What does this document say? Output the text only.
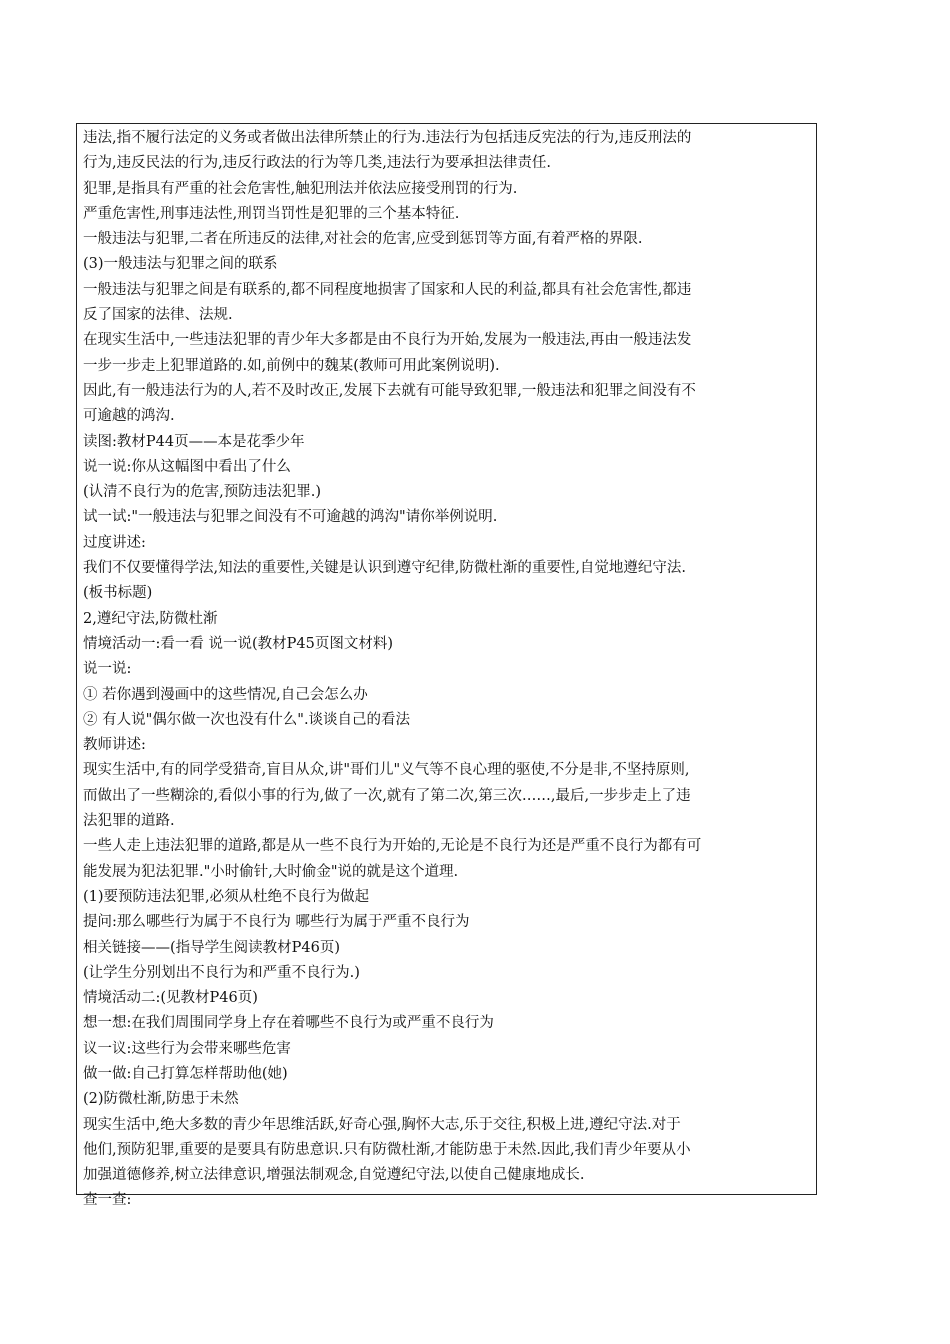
违法,指不履行法定的义务或者做出法律所禁止的行为.违法行为包括违反宪法的行为,违反刑法的
行为,违反民法的行为,违反行政法的行为等几类,违法行为要承担法律责任.
犯罪,是指具有严重的社会危害性,触犯刑法并依法应接受刑罚的行为.
严重危害性,刑事违法性,刑罚当罚性是犯罪的三个基本特征.
一般违法与犯罪,二者在所违反的法律,对社会的危害,应受到惩罚等方面,有着严格的界限.
(3)一般违法与犯罪之间的联系
一般违法与犯罪之间是有联系的,都不同程度地损害了国家和人民的利益,都具有社会危害性,都违
反了国家的法律、法规.
在现实生活中,一些违法犯罪的青少年大多都是由不良行为开始,发展为一般违法,再由一般违法发
一步一步走上犯罪道路的.如,前例中的魏某(教师可用此案例说明).
因此,有一般违法行为的人,若不及时改正,发展下去就有可能导致犯罪,一般违法和犯罪之间没有不
可逾越的鸿沟.
读图:教材P44页——本是花季少年
说一说:你从这幅图中看出了什么
(认清不良行为的危害,预防违法犯罪.)
试一试:"一般违法与犯罪之间没有不可逾越的鸿沟"请你举例说明.
过度讲述:
我们不仅要懂得学法,知法的重要性,关键是认识到遵守纪律,防微杜渐的重要性,自觉地遵纪守法.
(板书标题)
2,遵纪守法,防微杜渐
情境活动一:看一看 说一说(教材P45页图文材料)
说一说:
① 若你遇到漫画中的这些情况,自己会怎么办
② 有人说"偶尔做一次也没有什么".谈谈自己的看法
教师讲述:
现实生活中,有的同学受猎奇,盲目从众,讲"哥们儿"义气等不良心理的驱使,不分是非,不坚持原则,
而做出了一些糊涂的,看似小事的行为,做了一次,就有了第二次,第三次……,最后,一步步走上了违
法犯罪的道路.
一些人走上违法犯罪的道路,都是从一些不良行为开始的,无论是不良行为还是严重不良行为都有可
能发展为犯法犯罪."小时偷针,大时偷金"说的就是这个道理.
(1)要预防违法犯罪,必须从杜绝不良行为做起
提问:那么哪些行为属于不良行为 哪些行为属于严重不良行为
相关链接——(指导学生阅读教材P46页)
(让学生分别划出不良行为和严重不良行为.)
情境活动二:(见教材P46页)
想一想:在我们周围同学身上存在着哪些不良行为或严重不良行为
议一议:这些行为会带来哪些危害
做一做:自己打算怎样帮助他(她)
(2)防微杜渐,防患于未然
现实生活中,绝大多数的青少年思维活跃,好奇心强,胸怀大志,乐于交往,积极上进,遵纪守法.对于
他们,预防犯罪,重要的是要具有防患意识.只有防微杜渐,才能防患于未然.因此,我们青少年要从小
加强道德修养,树立法律意识,增强法制观念,自觉遵纪守法,以使自己健康地成长.
查一查:
